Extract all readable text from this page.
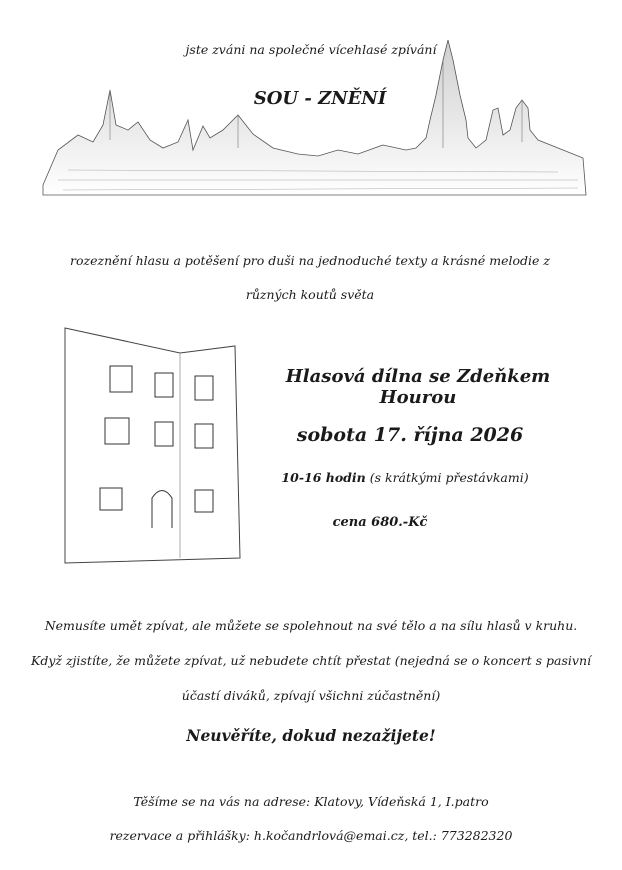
jste zváni na společné vícehlasé zpívání
SOU - ZNĚNÍ
rozeznění hlasu a potěšení pro duši na jednoduché texty a krásné melodie z
různých koutů světa
Hlasová dílna se Zdeňkem Hourou
sobota 17. října 2026
10-16 hodin (s krátkými přestávkami)
cena 680.-Kč
Nemusíte umět zpívat, ale můžete se spolehnout na své tělo a na sílu hlasů v kruhu.
Když zjistíte, že můžete zpívat, už nebudete chtít přestat (nejedná se o koncert s pasivní
účastí diváků, zpívají všichni zúčastnění)
Neuvěříte, dokud nezažijete!
Těšíme se na vás na adrese: Klatovy, Vídeňská 1, I.patro
rezervace a přihlášky: h.kočandrlová@emai.cz, tel.: 773282320
